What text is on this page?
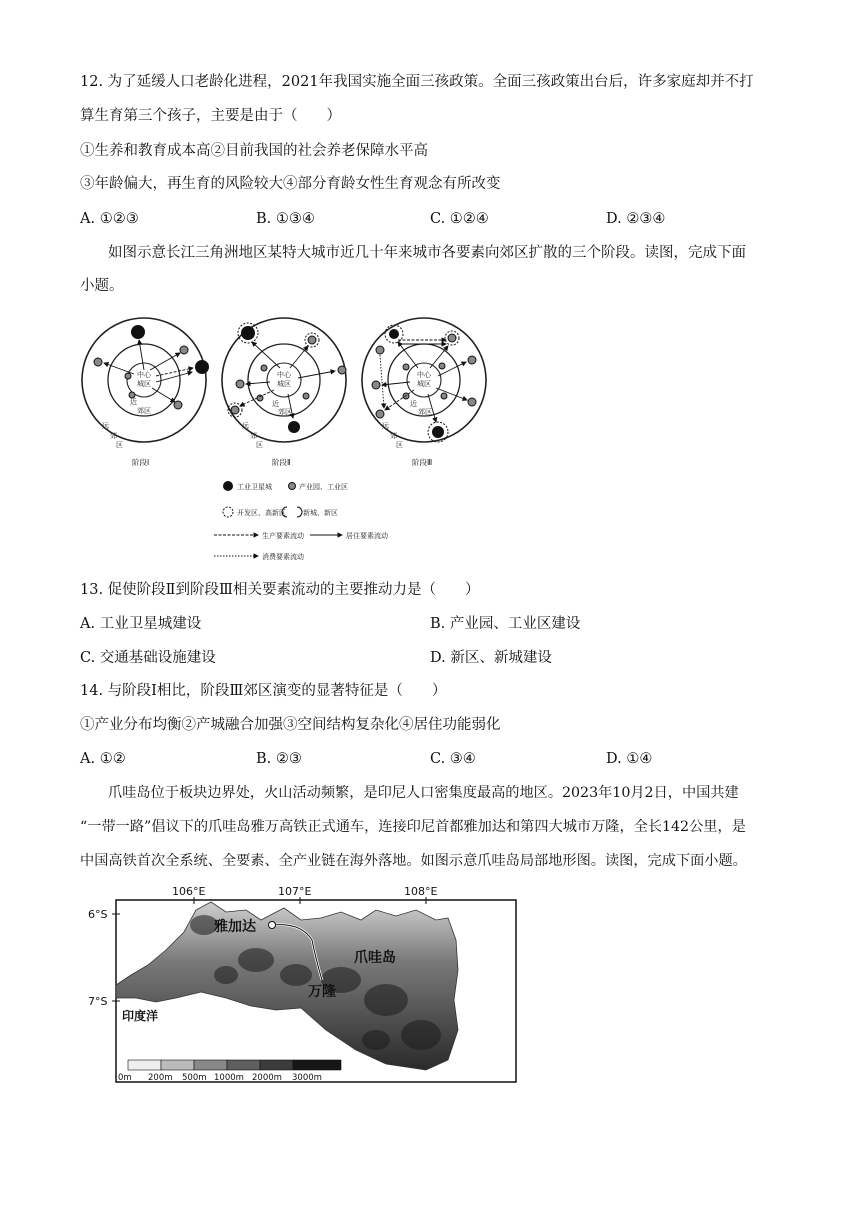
12. 为了延缓人口老龄化进程，2021年我国实施全面三孩政策。全面三孩政策出台后，许多家庭却并不打
算生育第三个孩子，主要是由于（　　）
①生养和教育成本高②目前我国的社会养老保障水平高
③年龄偏大，再生育的风险较大④部分育龄女性生育观念有所改变
A. ①②③	B. ①③④	C. ①②④	D. ②③④
如图示意长江三角洲地区某特大城市近几十年来城市各要素向郊区扩散的三个阶段。读图，完成下面
小题。
中心
城区
近
郊区
远
郊
区
阶段Ⅰ
中心
城区
近
郊区
远
郊
区
阶段Ⅱ
中心
城区
近
郊区
远
郊
区
阶段Ⅲ
工业卫星城	产业园、工业区
开发区、高新区 新城、新区
生产要素流动	居住要素流动
消费要素流动
13. 促使阶段Ⅱ到阶段Ⅲ相关要素流动的主要推动力是（　　）
A. 工业卫星城建设	B. 产业园、工业区建设
C. 交通基础设施建设	D. 新区、新城建设
14. 与阶段Ⅰ相比，阶段Ⅲ郊区演变的显著特征是（　　）
①产业分布均衡②产城融合加强③空间结构复杂化④居住功能弱化
A. ①②	B. ②③	C. ③④	D. ①④
爪哇岛位于板块边界处，火山活动频繁，是印尼人口密集度最高的地区。2023年10月2日，中国共建
“一带一路”倡议下的爪哇岛雅万高铁正式通车，连接印尼首都雅加达和第四大城市万隆，全长142公里，是
中国高铁首次全系统、全要素、全产业链在海外落地。如图示意爪哇岛局部地形图。读图，完成下面小题。
106°E	107°E	108°E
6°S
7°S
雅加达
爪哇岛
万隆
印度洋
0m 200m 500m 1000m 2000m 3000m
